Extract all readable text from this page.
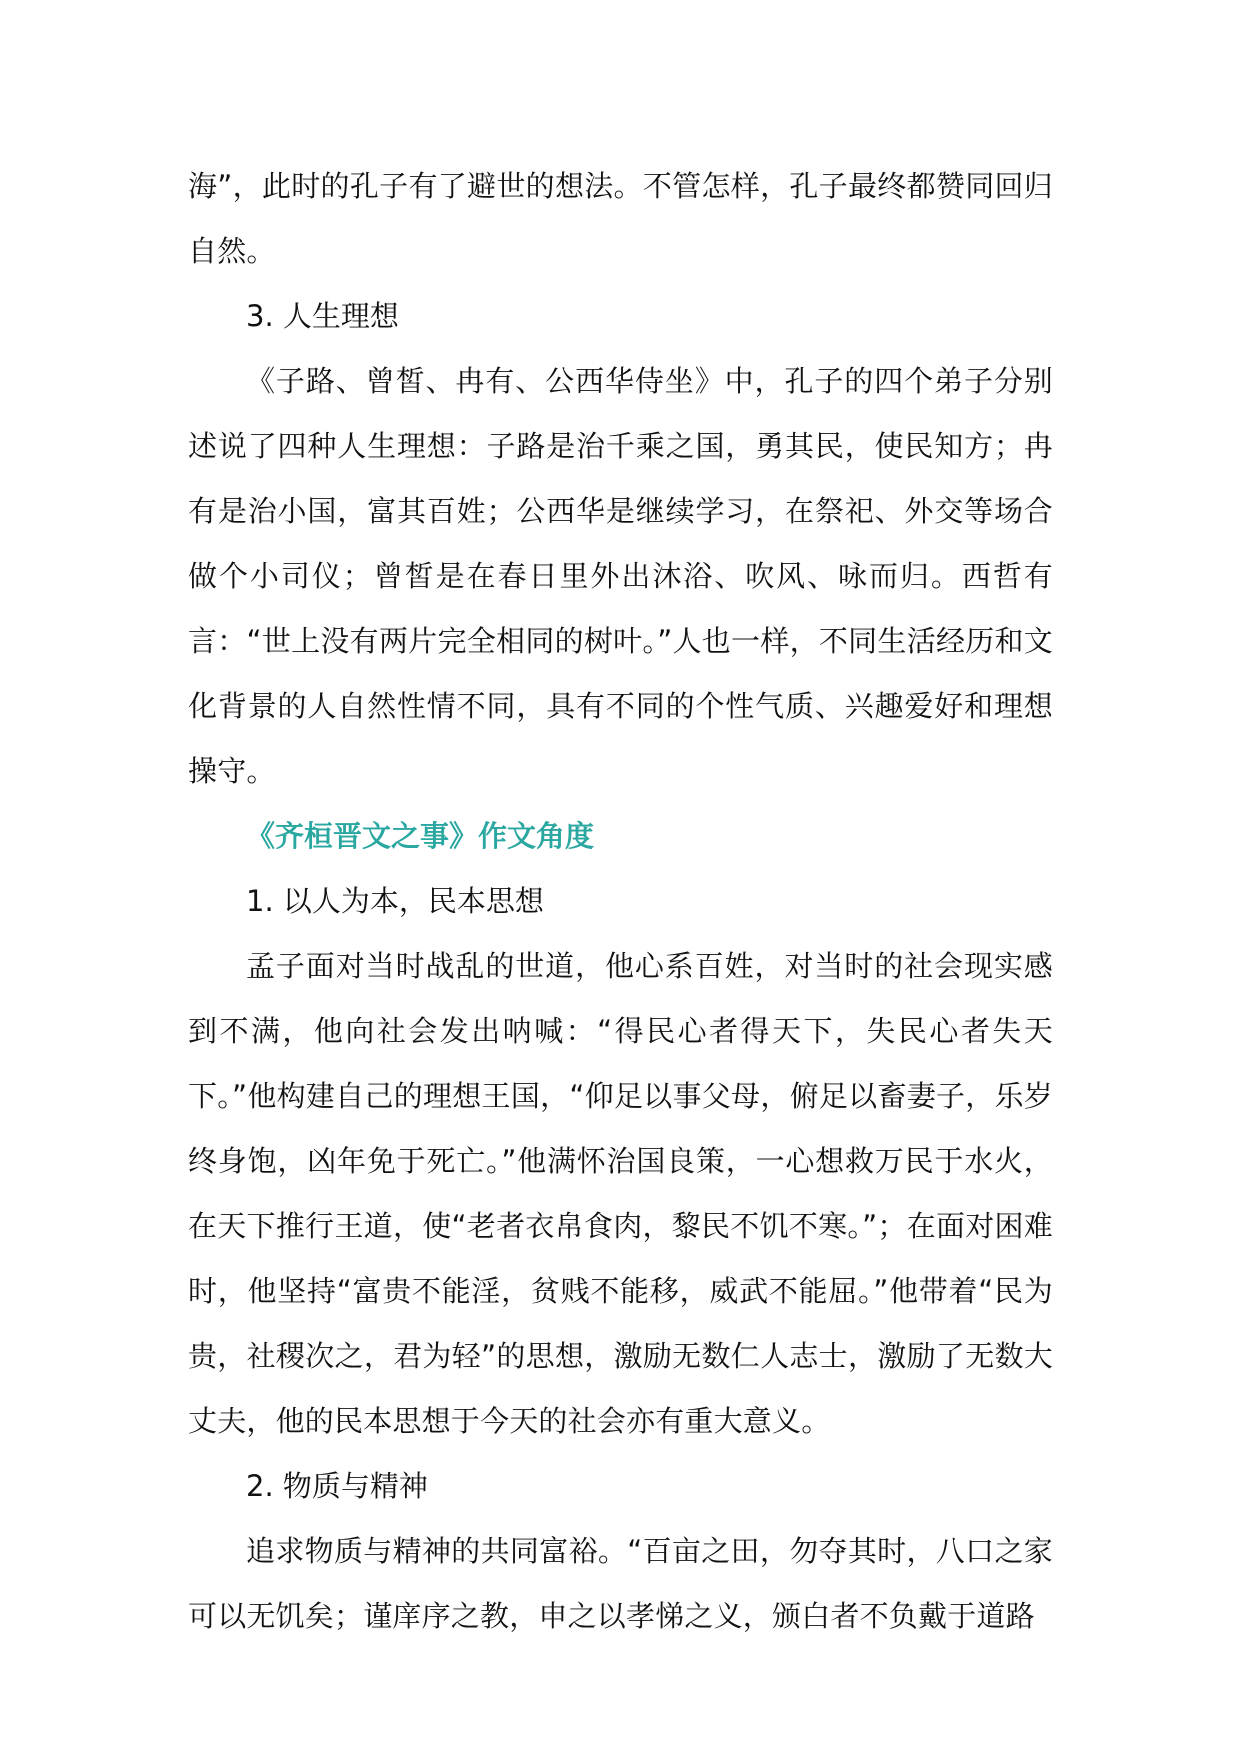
海”，此时的孔子有了避世的想法。不管怎样，孔子最终都赞同回归自然。

3. 人生理想

《子路、曾皙、冉有、公西华侍坐》中，孔子的四个弟子分别述说了四种人生理想：子路是治千乘之国，勇其民，使民知方；冉有是治小国，富其百姓；公西华是继续学习，在祭祀、外交等场合做个小司仪；曾皙是在春日里外出沐浴、吹风、咏而归。西哲有言：“世上没有两片完全相同的树叶。”人也一样，不同生活经历和文化背景的人自然性情不同，具有不同的个性气质、兴趣爱好和理想操守。

《齐桓晋文之事》作文角度

1. 以人为本，民本思想

孟子面对当时战乱的世道，他心系百姓，对当时的社会现实感到不满，他向社会发出呐喊：“得民心者得天下，失民心者失天下。”他构建自己的理想王国，“仰足以事父母，俯足以畜妻子，乐岁终身饱，凶年免于死亡。”他满怀治国良策，一心想救万民于水火，在天下推行王道，使“老者衣帛食肉，黎民不饥不寒。”；在面对困难时，他坚持“富贵不能淫，贫贱不能移，威武不能屈。”他带着“民为贵，社稷次之，君为轻”的思想，激励无数仁人志士，激励了无数大丈夫，他的民本思想于今天的社会亦有重大意义。

2. 物质与精神

追求物质与精神的共同富裕。“百亩之田，勿夺其时，八口之家可以无饥矣；谨庠序之教，申之以孝悌之义，颁白者不负戴于道路
